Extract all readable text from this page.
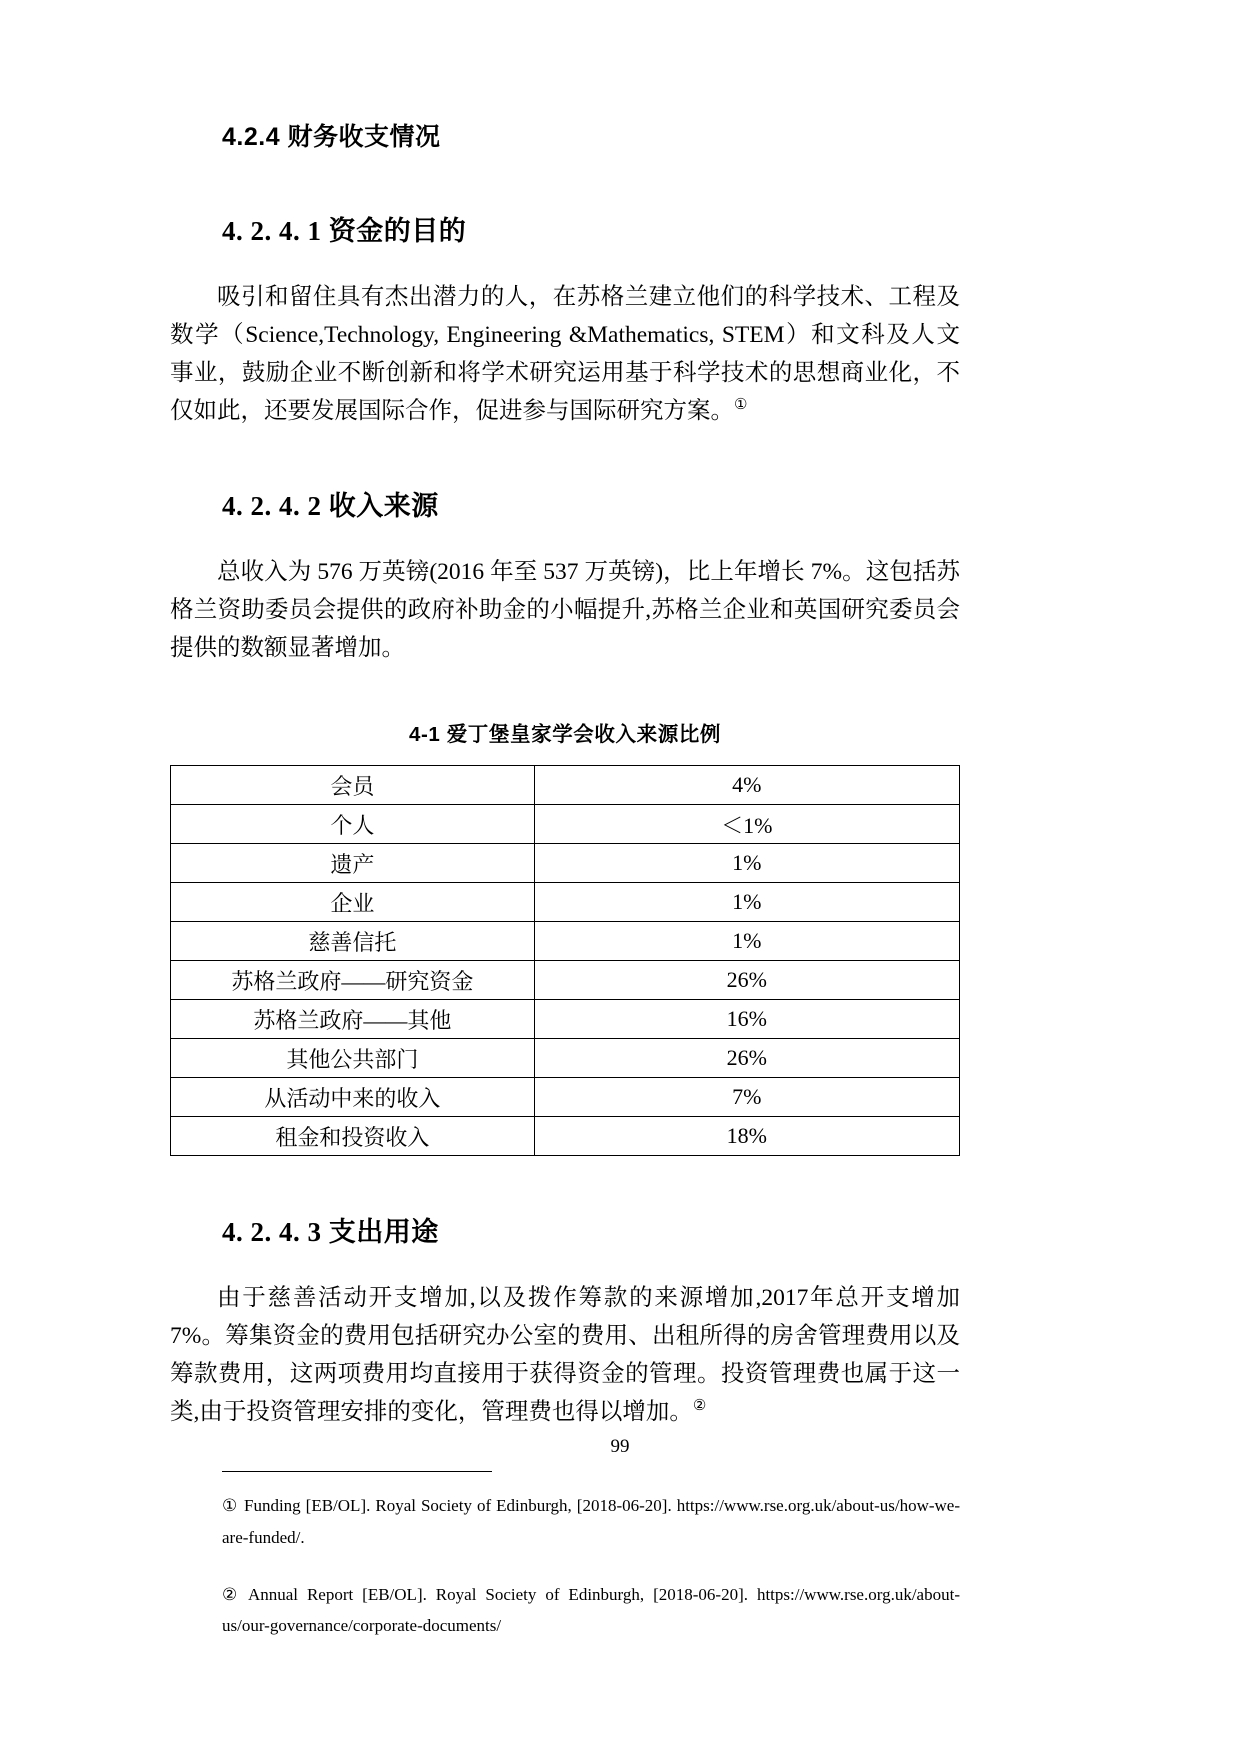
4.2.4 财务收支情况
4. 2. 4. 1 资金的目的

吸引和留住具有杰出潜力的人，在苏格兰建立他们的科学技术、工程及数学（Science,Technology, Engineering &Mathematics, STEM）和文科及人文事业，鼓励企业不断创新和将学术研究运用基于科学技术的思想商业化，不仅如此，还要发展国际合作，促进参与国际研究方案。①

4. 2. 4. 2 收入来源

总收入为 576 万英镑(2016 年至 537 万英镑)，比上年增长 7%。这包括苏格兰资助委员会提供的政府补助金的小幅提升,苏格兰企业和英国研究委员会提供的数额显著增加。

4-1 爱丁堡皇家学会收入来源比例
会员	4%
个人	＜1%
遗产	1%
企业	1%
慈善信托	1%
苏格兰政府——研究资金	26%
苏格兰政府——其他	16%
其他公共部门	26%
从活动中来的收入	7%
租金和投资收入	18%
4. 2. 4. 3 支出用途

由于慈善活动开支增加,以及拨作筹款的来源增加,2017年总开支增加7%。筹集资金的费用包括研究办公室的费用、出租所得的房舍管理费用以及筹款费用，这两项费用均直接用于获得资金的管理。投资管理费也属于这一类,由于投资管理安排的变化，管理费也得以增加。②

① Funding [EB/OL]. Royal Society of Edinburgh, [2018-06-20]. https://www.rse.org.uk/about-us/how-we-are-funded/.
② Annual Report [EB/OL]. Royal Society of Edinburgh, [2018-06-20]. https://www.rse.org.uk/about-us/our-governance/corporate-documents/
99
